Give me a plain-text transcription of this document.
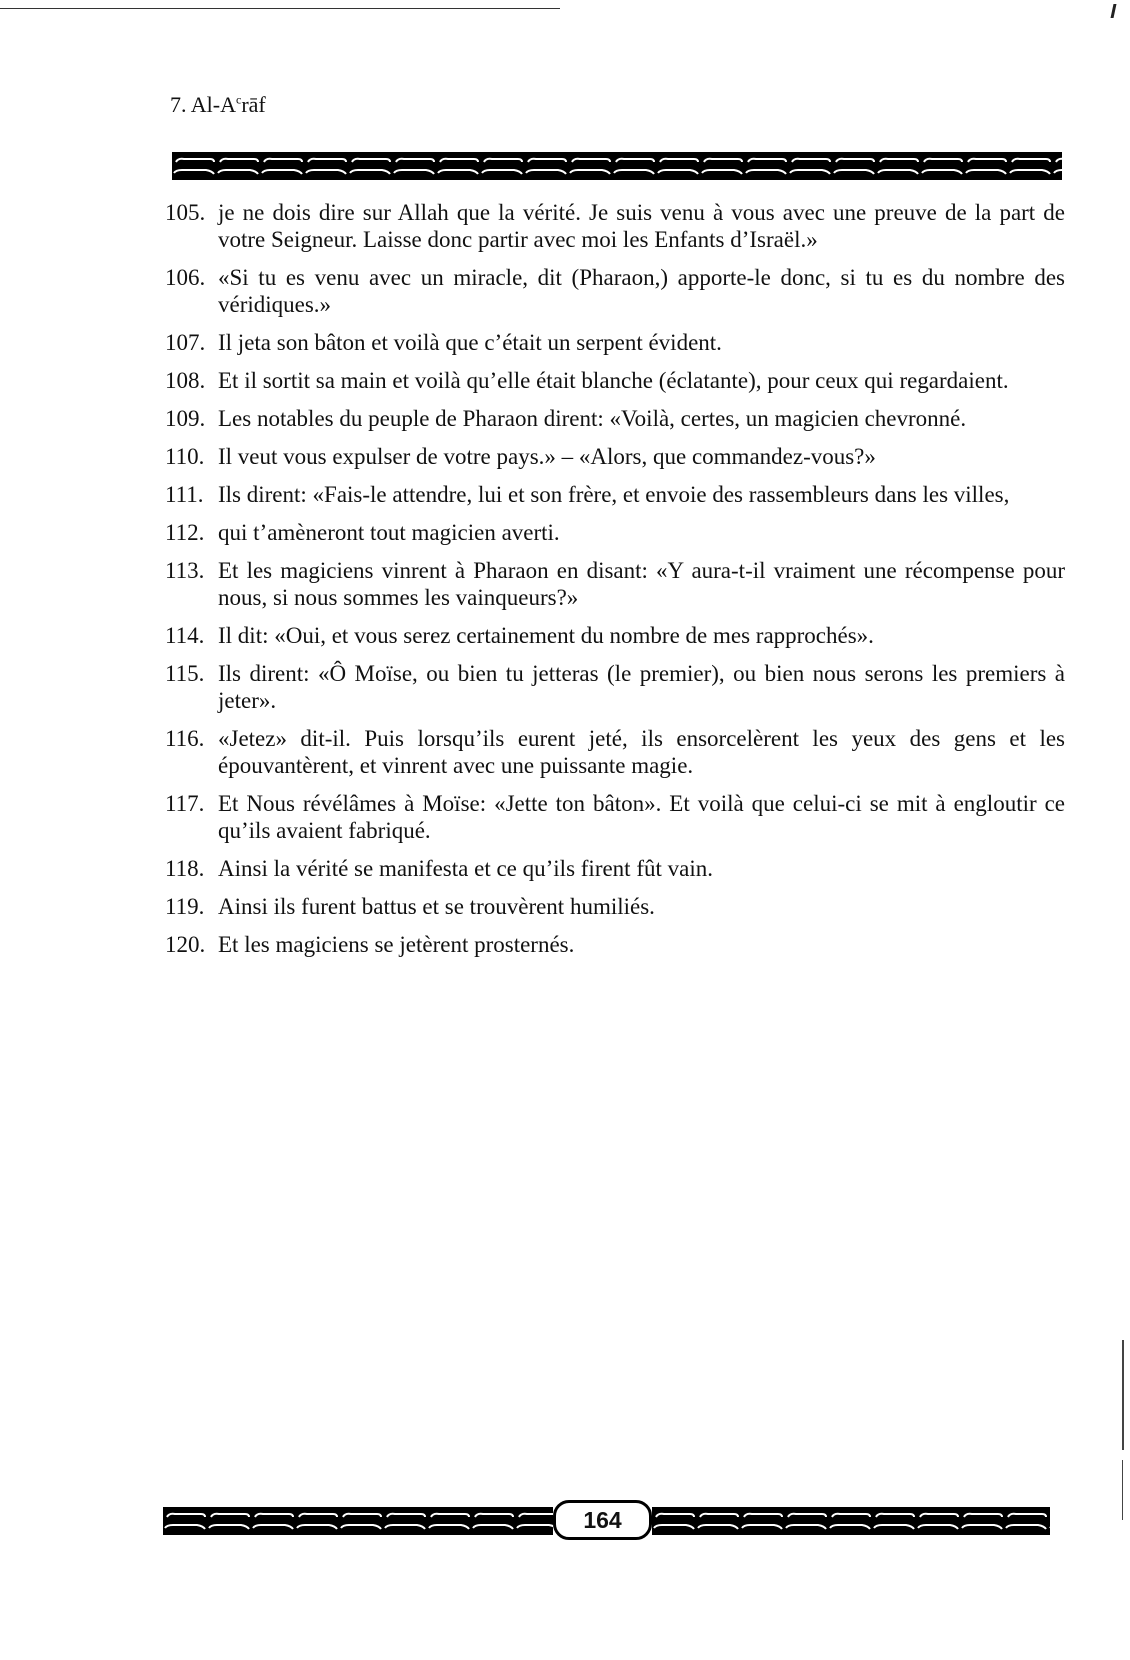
7. $Al-A^crāf$
105. je ne dois dire sur Allah que la vérité. Je suis venu à vous avec une preuve de la part de votre Seigneur. Laisse donc partir avec moi les Enfants d’Israël.»
106. «Si tu es venu avec un miracle, dit (Pharaon,) apporte-le donc, si tu es du nombre des véridiques.»
107. Il jeta son bâton et voilà que c’était un serpent évident.
108. Et il sortit sa main et voilà qu’elle était blanche (éclatante), pour ceux qui regardaient.
109. Les notables du peuple de Pharaon dirent: «Voilà, certes, un magicien chevronné.
110. Il veut vous expulser de votre pays.» – «Alors, que commandez-vous?»
111. Ils dirent: «Fais-le attendre, lui et son frère, et envoie des rassembleurs dans les villes,
112. qui t’amèneront tout magicien averti.
113. Et les magiciens vinrent à Pharaon en disant: «Y aura-t-il vraiment une récompense pour nous, si nous sommes les vainqueurs?»
114. Il dit: «Oui, et vous serez certainement du nombre de mes rapprochés».
115. Ils dirent: «Ô Moïse, ou bien tu jetteras (le premier), ou bien nous serons les premiers à jeter».
116. «Jetez» dit-il. Puis lorsqu’ils eurent jeté, ils ensorcelèrent les yeux des gens et les épouvantèrent, et vinrent avec une puissante magie.
117. Et Nous révélâmes à Moïse: «Jette ton bâton». Et voilà que celui-ci se mit à engloutir ce qu’ils avaient fabriqué.
118. Ainsi la vérité se manifesta et ce qu’ils firent fût vain.
119. Ainsi ils furent battus et se trouvèrent humiliés.
120. Et les magiciens se jetèrent prosternés.
164
